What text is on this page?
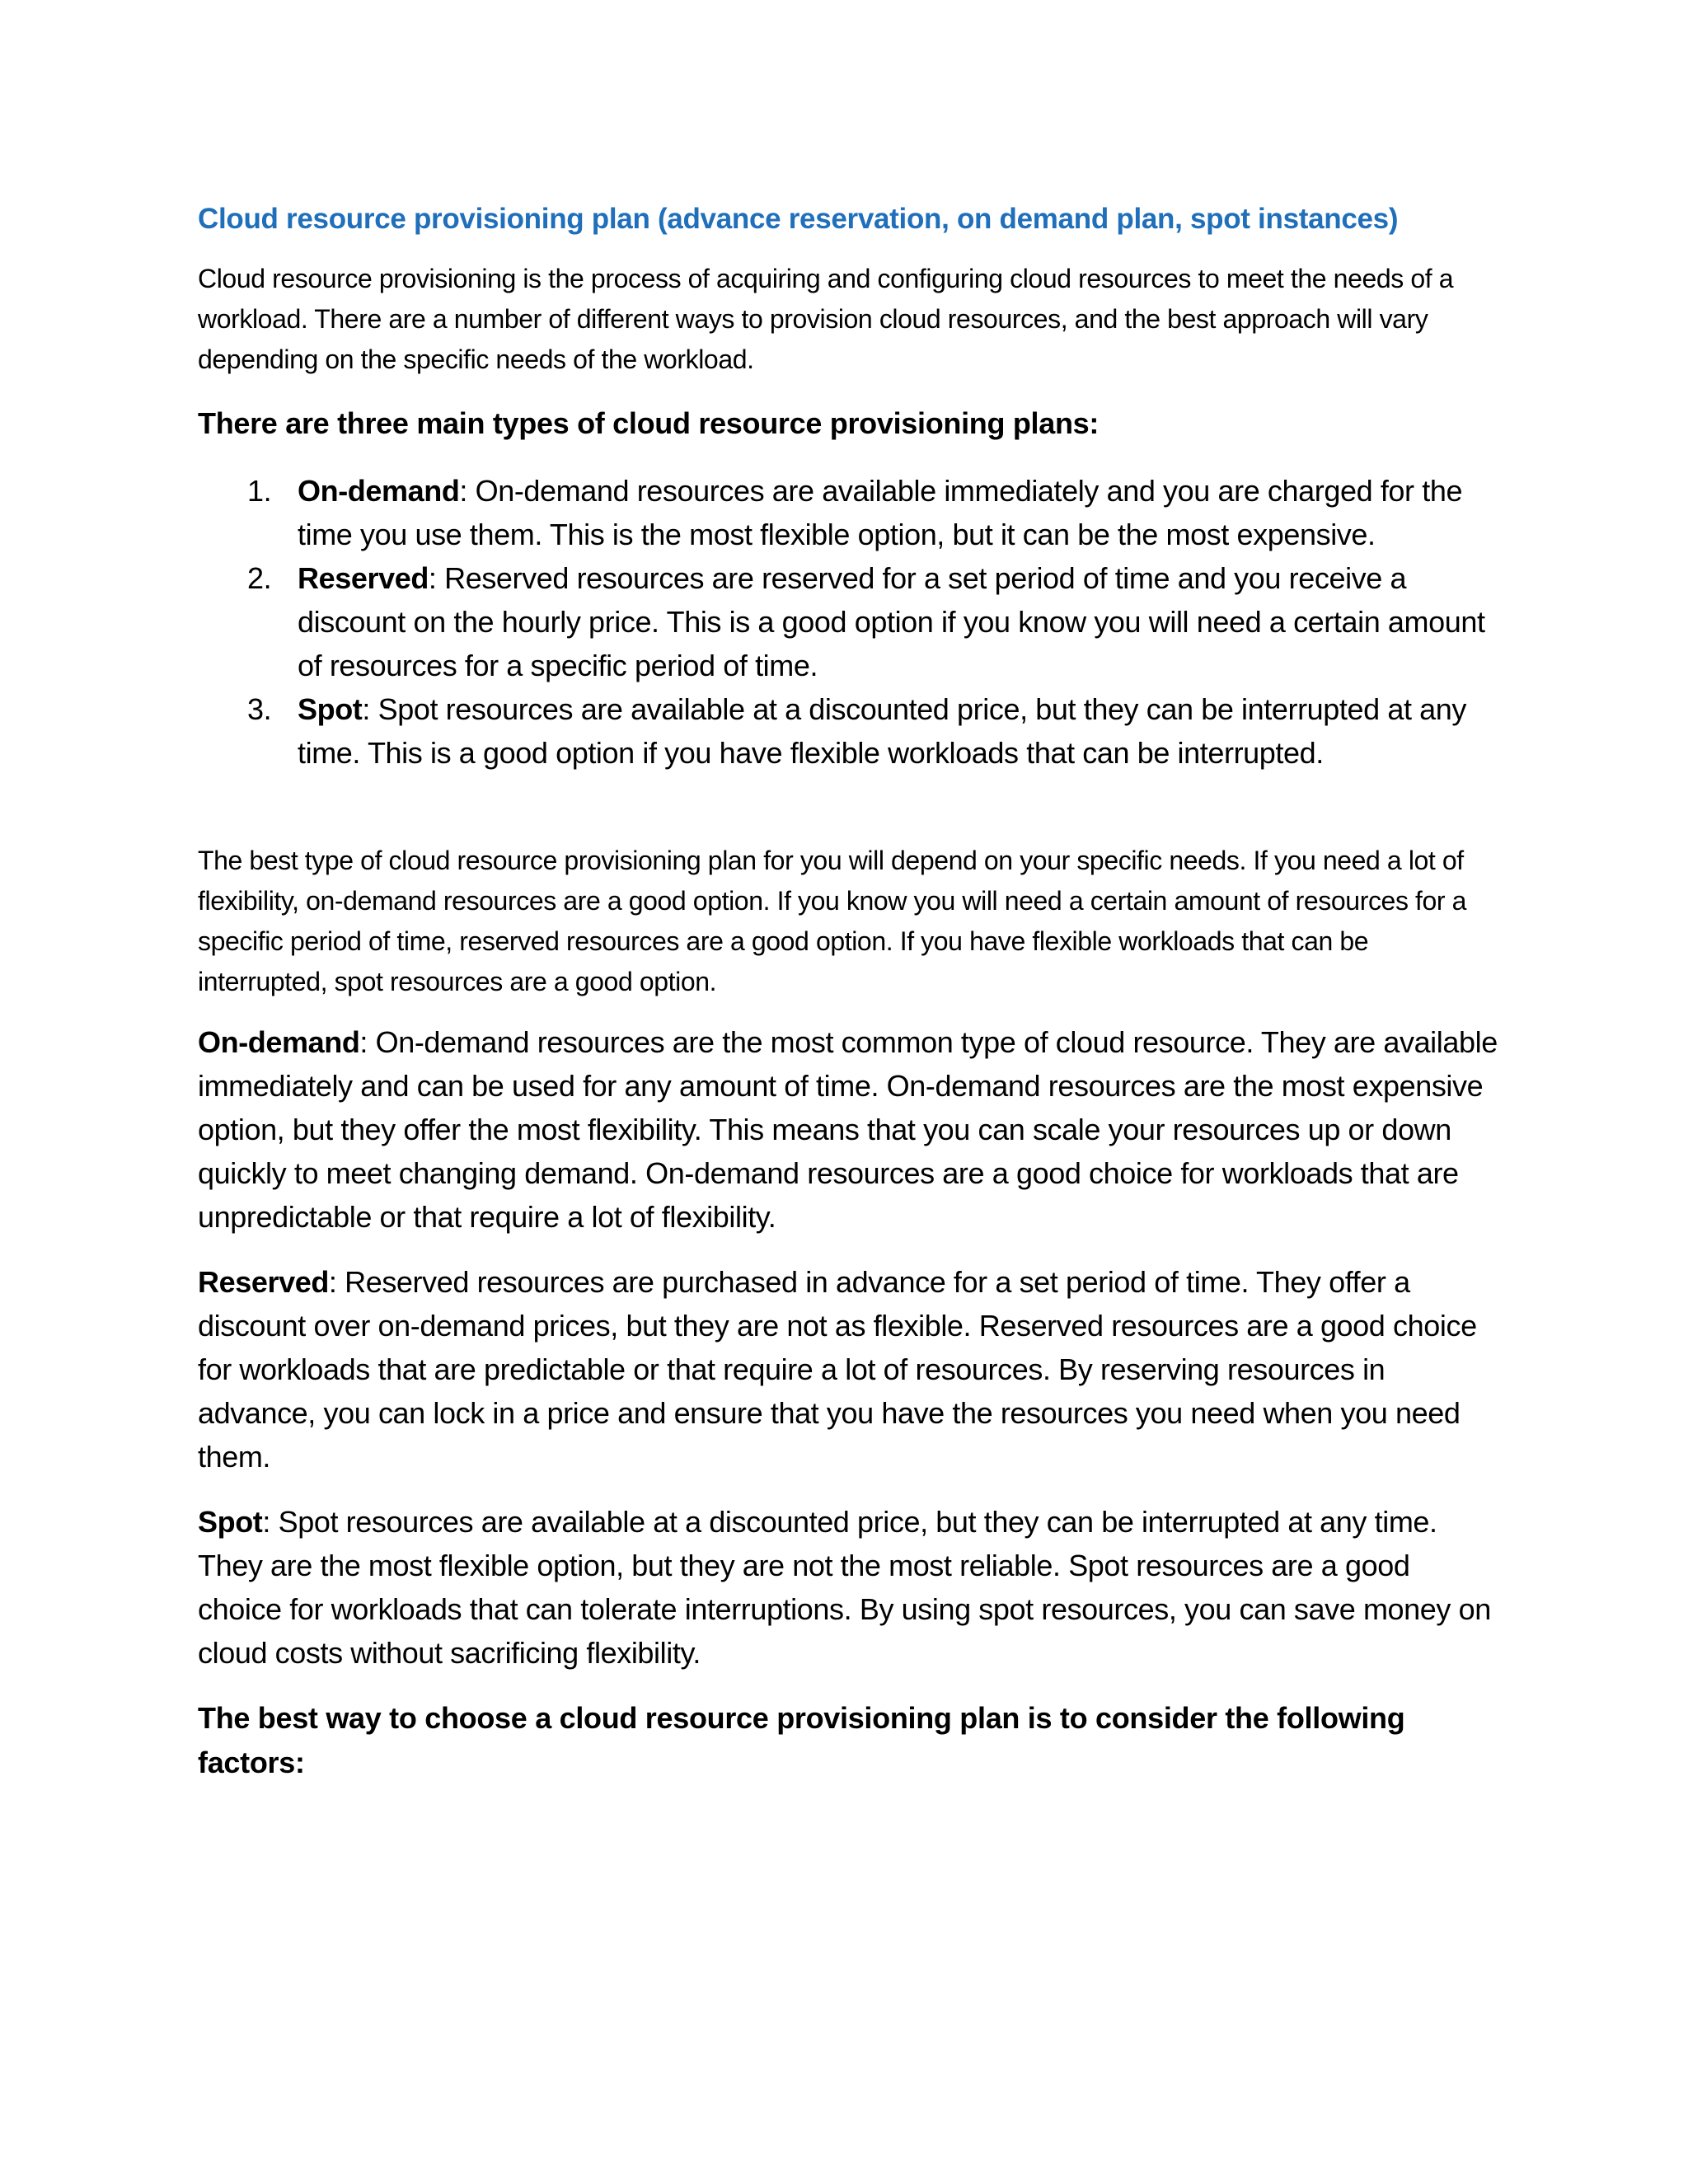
Cloud resource provisioning plan (advance reservation, on demand plan, spot instances)

Cloud resource provisioning is the process of acquiring and configuring cloud resources to meet the needs of a workload. There are a number of different ways to provision cloud resources, and the best approach will vary depending on the specific needs of the workload.

There are three main types of cloud resource provisioning plans:
1. On-demand: On-demand resources are available immediately and you are charged for the time you use them. This is the most flexible option, but it can be the most expensive.
2. Reserved: Reserved resources are reserved for a set period of time and you receive a discount on the hourly price. This is a good option if you know you will need a certain amount of resources for a specific period of time.
3. Spot: Spot resources are available at a discounted price, but they can be interrupted at any time. This is a good option if you have flexible workloads that can be interrupted.

The best type of cloud resource provisioning plan for you will depend on your specific needs. If you need a lot of flexibility, on-demand resources are a good option. If you know you will need a certain amount of resources for a specific period of time, reserved resources are a good option. If you have flexible workloads that can be interrupted, spot resources are a good option.

On-demand: On-demand resources are the most common type of cloud resource. They are available immediately and can be used for any amount of time. On-demand resources are the most expensive option, but they offer the most flexibility. This means that you can scale your resources up or down quickly to meet changing demand. On-demand resources are a good choice for workloads that are unpredictable or that require a lot of flexibility.

Reserved: Reserved resources are purchased in advance for a set period of time. They offer a discount over on-demand prices, but they are not as flexible. Reserved resources are a good choice for workloads that are predictable or that require a lot of resources. By reserving resources in advance, you can lock in a price and ensure that you have the resources you need when you need them.

Spot: Spot resources are available at a discounted price, but they can be interrupted at any time. They are the most flexible option, but they are not the most reliable. Spot resources are a good choice for workloads that can tolerate interruptions. By using spot resources, you can save money on cloud costs without sacrificing flexibility.

The best way to choose a cloud resource provisioning plan is to consider the following factors:
